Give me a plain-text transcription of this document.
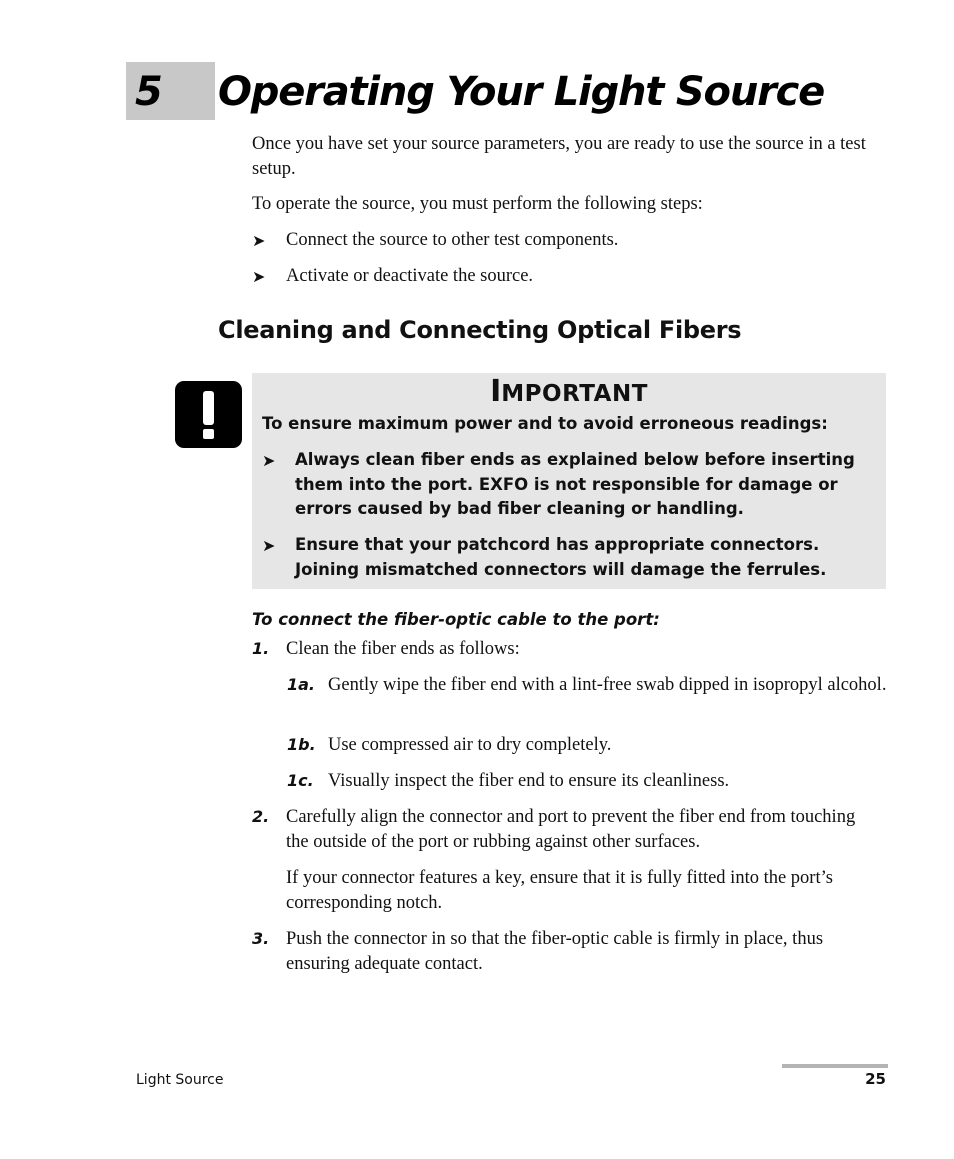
5 Operating Your Light Source
Once you have set your source parameters, you are ready to use the source in a test setup.
To operate the source, you must perform the following steps:
➤ Connect the source to other test components.
➤ Activate or deactivate the source.
Cleaning and Connecting Optical Fibers
IMPORTANT
To ensure maximum power and to avoid erroneous readings:
➤ Always clean fiber ends as explained below before inserting them into the port. EXFO is not responsible for damage or errors caused by bad fiber cleaning or handling.
➤ Ensure that your patchcord has appropriate connectors. Joining mismatched connectors will damage the ferrules.
To connect the fiber-optic cable to the port:
1. Clean the fiber ends as follows:
1a. Gently wipe the fiber end with a lint-free swab dipped in isopropyl alcohol.
1b. Use compressed air to dry completely.
1c. Visually inspect the fiber end to ensure its cleanliness.
2. Carefully align the connector and port to prevent the fiber end from touching the outside of the port or rubbing against other surfaces.
If your connector features a key, ensure that it is fully fitted into the port’s corresponding notch.
3. Push the connector in so that the fiber-optic cable is firmly in place, thus ensuring adequate contact.
Light Source	25
